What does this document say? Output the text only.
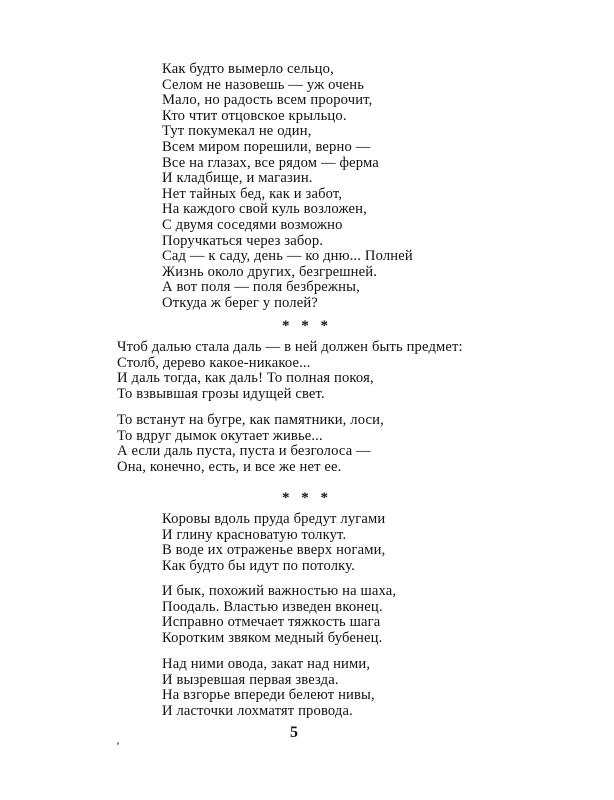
Как будто вымерло сельцо,
Селом не назовешь — уж очень
Мало, но радость всем пророчит,
Кто чтит отцовское крыльцо.
Тут покумекал не один,
Всем миром порешили, верно —
Все на глазах, все рядом — ферма
И кладбище, и магазин.
Нет тайных бед, как и забот,
На каждого свой куль возложен,
С двумя соседями возможно
Поручкаться через забор.
Сад — к саду, день — ко дню... Полней
Жизнь около других, безгрешней.
А вот поля — поля безбрежны,
Откуда ж берег у полей?
* * *
Чтоб далью стала даль — в ней должен быть предмет:
Столб, дерево какое-никакое...
И даль тогда, как даль! То полная покоя,
То взвывшая грозы идущей свет.
То встанут на бугре, как памятники, лоси,
То вдруг дымок окутает живье...
А если даль пуста, пуста и безголоса —
Она, конечно, есть, и все же нет ее.
* * *
Коровы вдоль пруда бредут лугами
И глину красноватую толкут.
В воде их отраженье вверх ногами,
Как будто бы идут по потолку.
И бык, похожий важностью на шаха,
Поодаль. Властью изведен вконец.
Исправно отмечает тяжкость шага
Коротким звяком медный бубенец.
Над ними овода, закат над ними,
И вызревшая первая звезда.
На взгорье впереди белеют нивы,
И ласточки лохматят провода.
5
